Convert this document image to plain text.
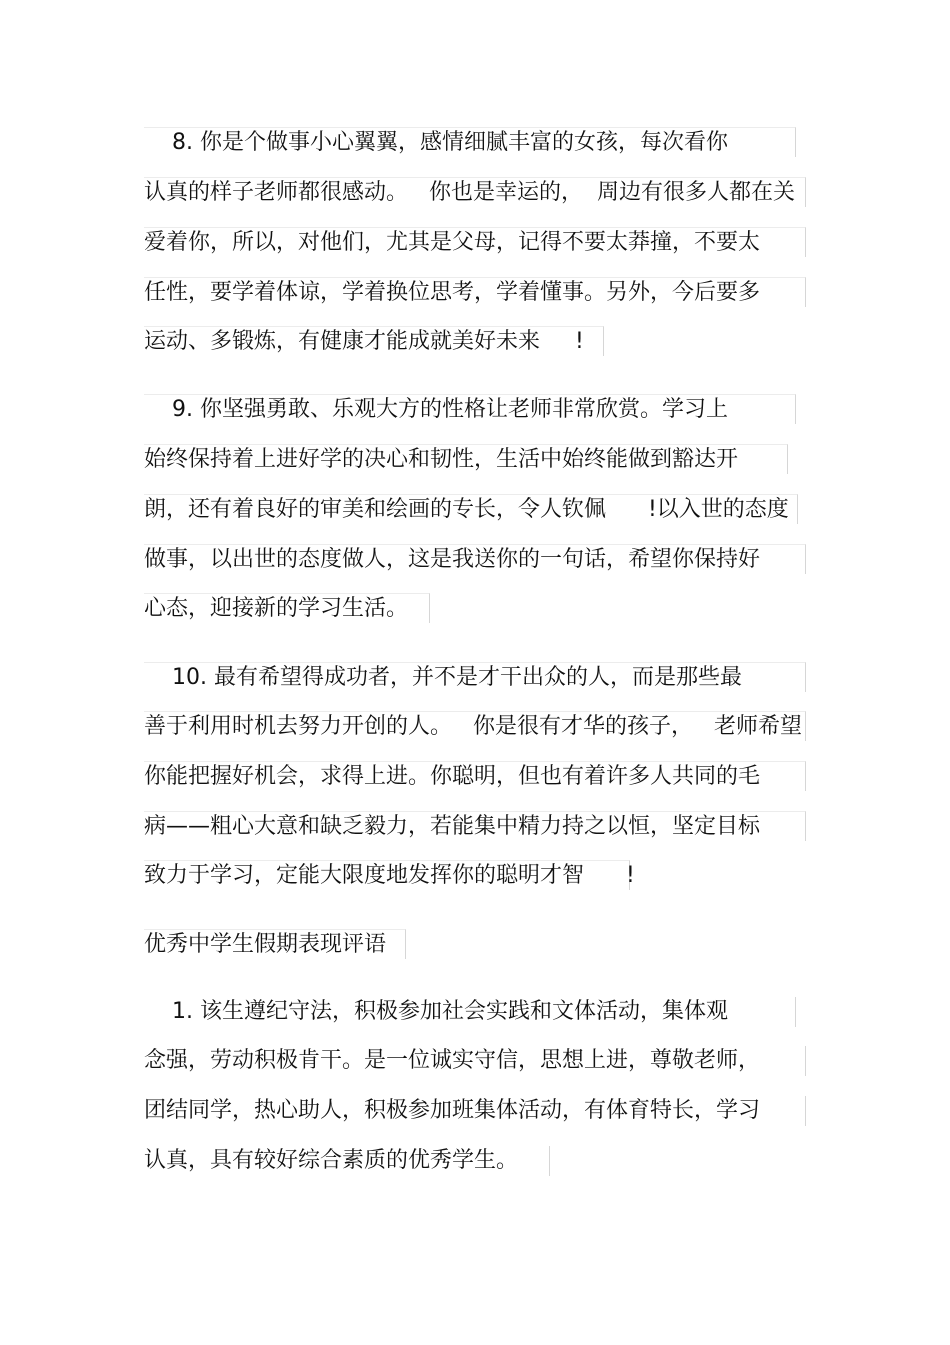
8. 你是个做事小心翼翼，感情细腻丰富的女孩，每次看你
认真的样子老师都很感动。   你也是幸运的，  周边有很多人都在关
爱着你，所以，对他们，尤其是父母，记得不要太莽撞，不要太
任性，要学着体谅，学着换位思考，学着懂事。另外，今后要多
运动、多锻炼，有健康才能成就美好未来     !
9. 你坚强勇敢、乐观大方的性格让老师非常欣赏。学习上
始终保持着上进好学的决心和韧性，生活中始终能做到豁达开
朗，还有着良好的审美和绘画的专长，令人钦佩      !以入世的态度
做事，以出世的态度做人，这是我送你的一句话，希望你保持好
心态，迎接新的学习生活。
10. 最有希望得成功者，并不是才干出众的人，而是那些最
善于利用时机去努力开创的人。   你是很有才华的孩子，   老师希望
你能把握好机会，求得上进。你聪明，但也有着许多人共同的毛
病——粗心大意和缺乏毅力，若能集中精力持之以恒，坚定目标
致力于学习，定能大限度地发挥你的聪明才智      !
优秀中学生假期表现评语
1. 该生遵纪守法，积极参加社会实践和文体活动，集体观
念强，劳动积极肯干。是一位诚实守信，思想上进，尊敬老师，
团结同学，热心助人，积极参加班集体活动，有体育特长，学习
认真，具有较好综合素质的优秀学生。
